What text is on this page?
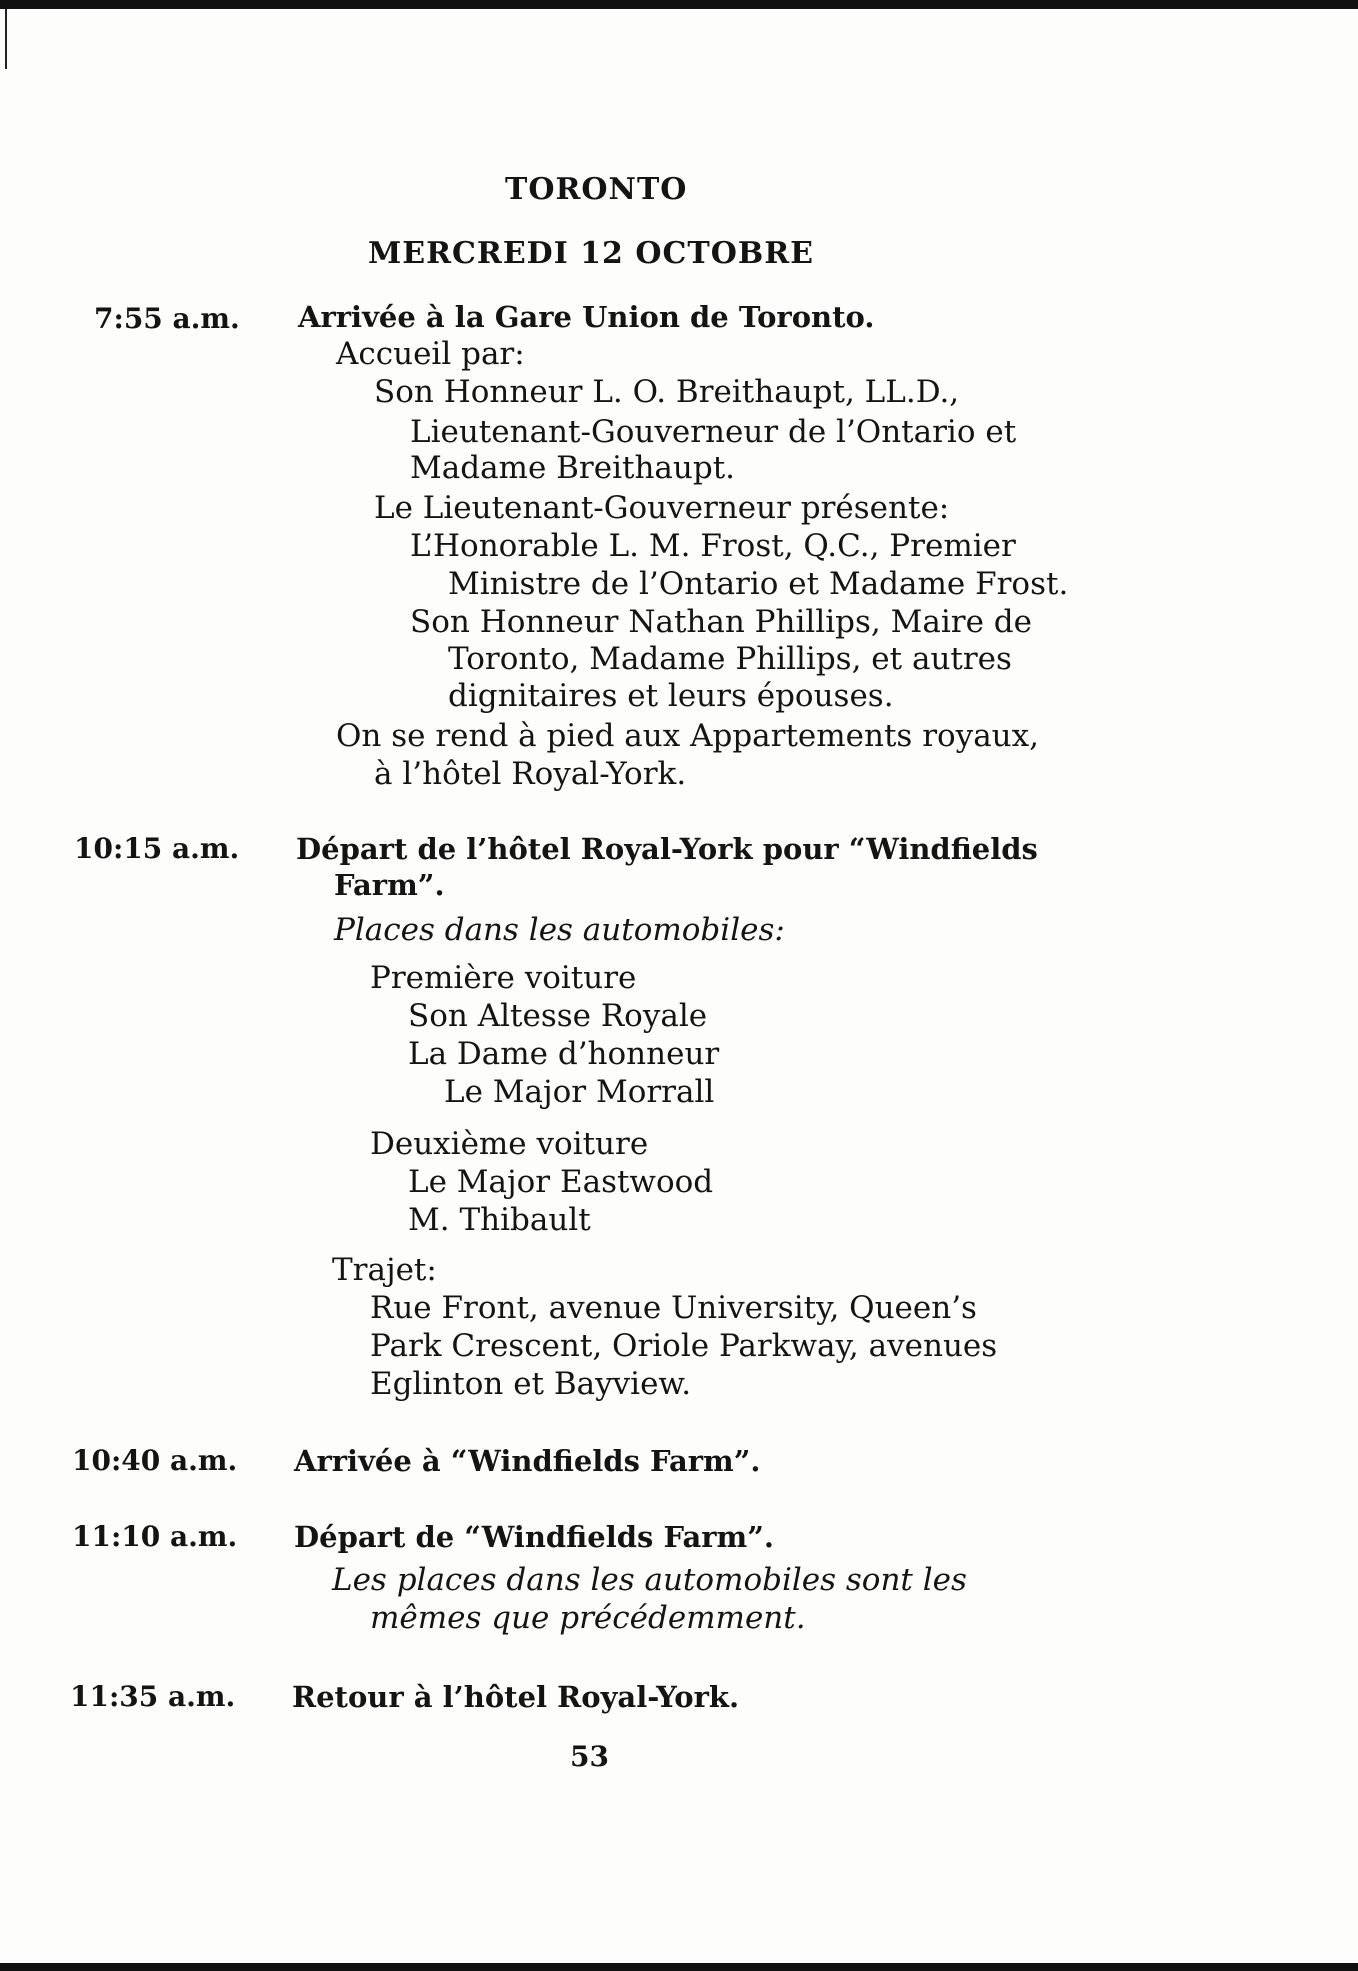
TORONTO
MERCREDI 12 OCTOBRE
7:55 a.m. Arrivée à la Gare Union de Toronto.
Accueil par:
Son Honneur L. O. Breithaupt, LL.D.,
Lieutenant-Gouverneur de l’Ontario et
Madame Breithaupt.
Le Lieutenant-Gouverneur présente:
L’Honorable L. M. Frost, Q.C., Premier
Ministre de l’Ontario et Madame Frost.
Son Honneur Nathan Phillips, Maire de
Toronto, Madame Phillips, et autres
dignitaires et leurs épouses.
On se rend à pied aux Appartements royaux,
à l’hôtel Royal-York.
10:15 a.m. Départ de l’hôtel Royal-York pour “Windfields
Farm”.
Places dans les automobiles:
Première voiture
Son Altesse Royale
La Dame d’honneur
Le Major Morrall
Deuxième voiture
Le Major Eastwood
M. Thibault
Trajet:
Rue Front, avenue University, Queen’s
Park Crescent, Oriole Parkway, avenues
Eglinton et Bayview.
10:40 a.m. Arrivée à “Windfields Farm”.
11:10 a.m. Départ de “Windfields Farm”.
Les places dans les automobiles sont les
mêmes que précédemment.
11:35 a.m. Retour à l’hôtel Royal-York.
53
